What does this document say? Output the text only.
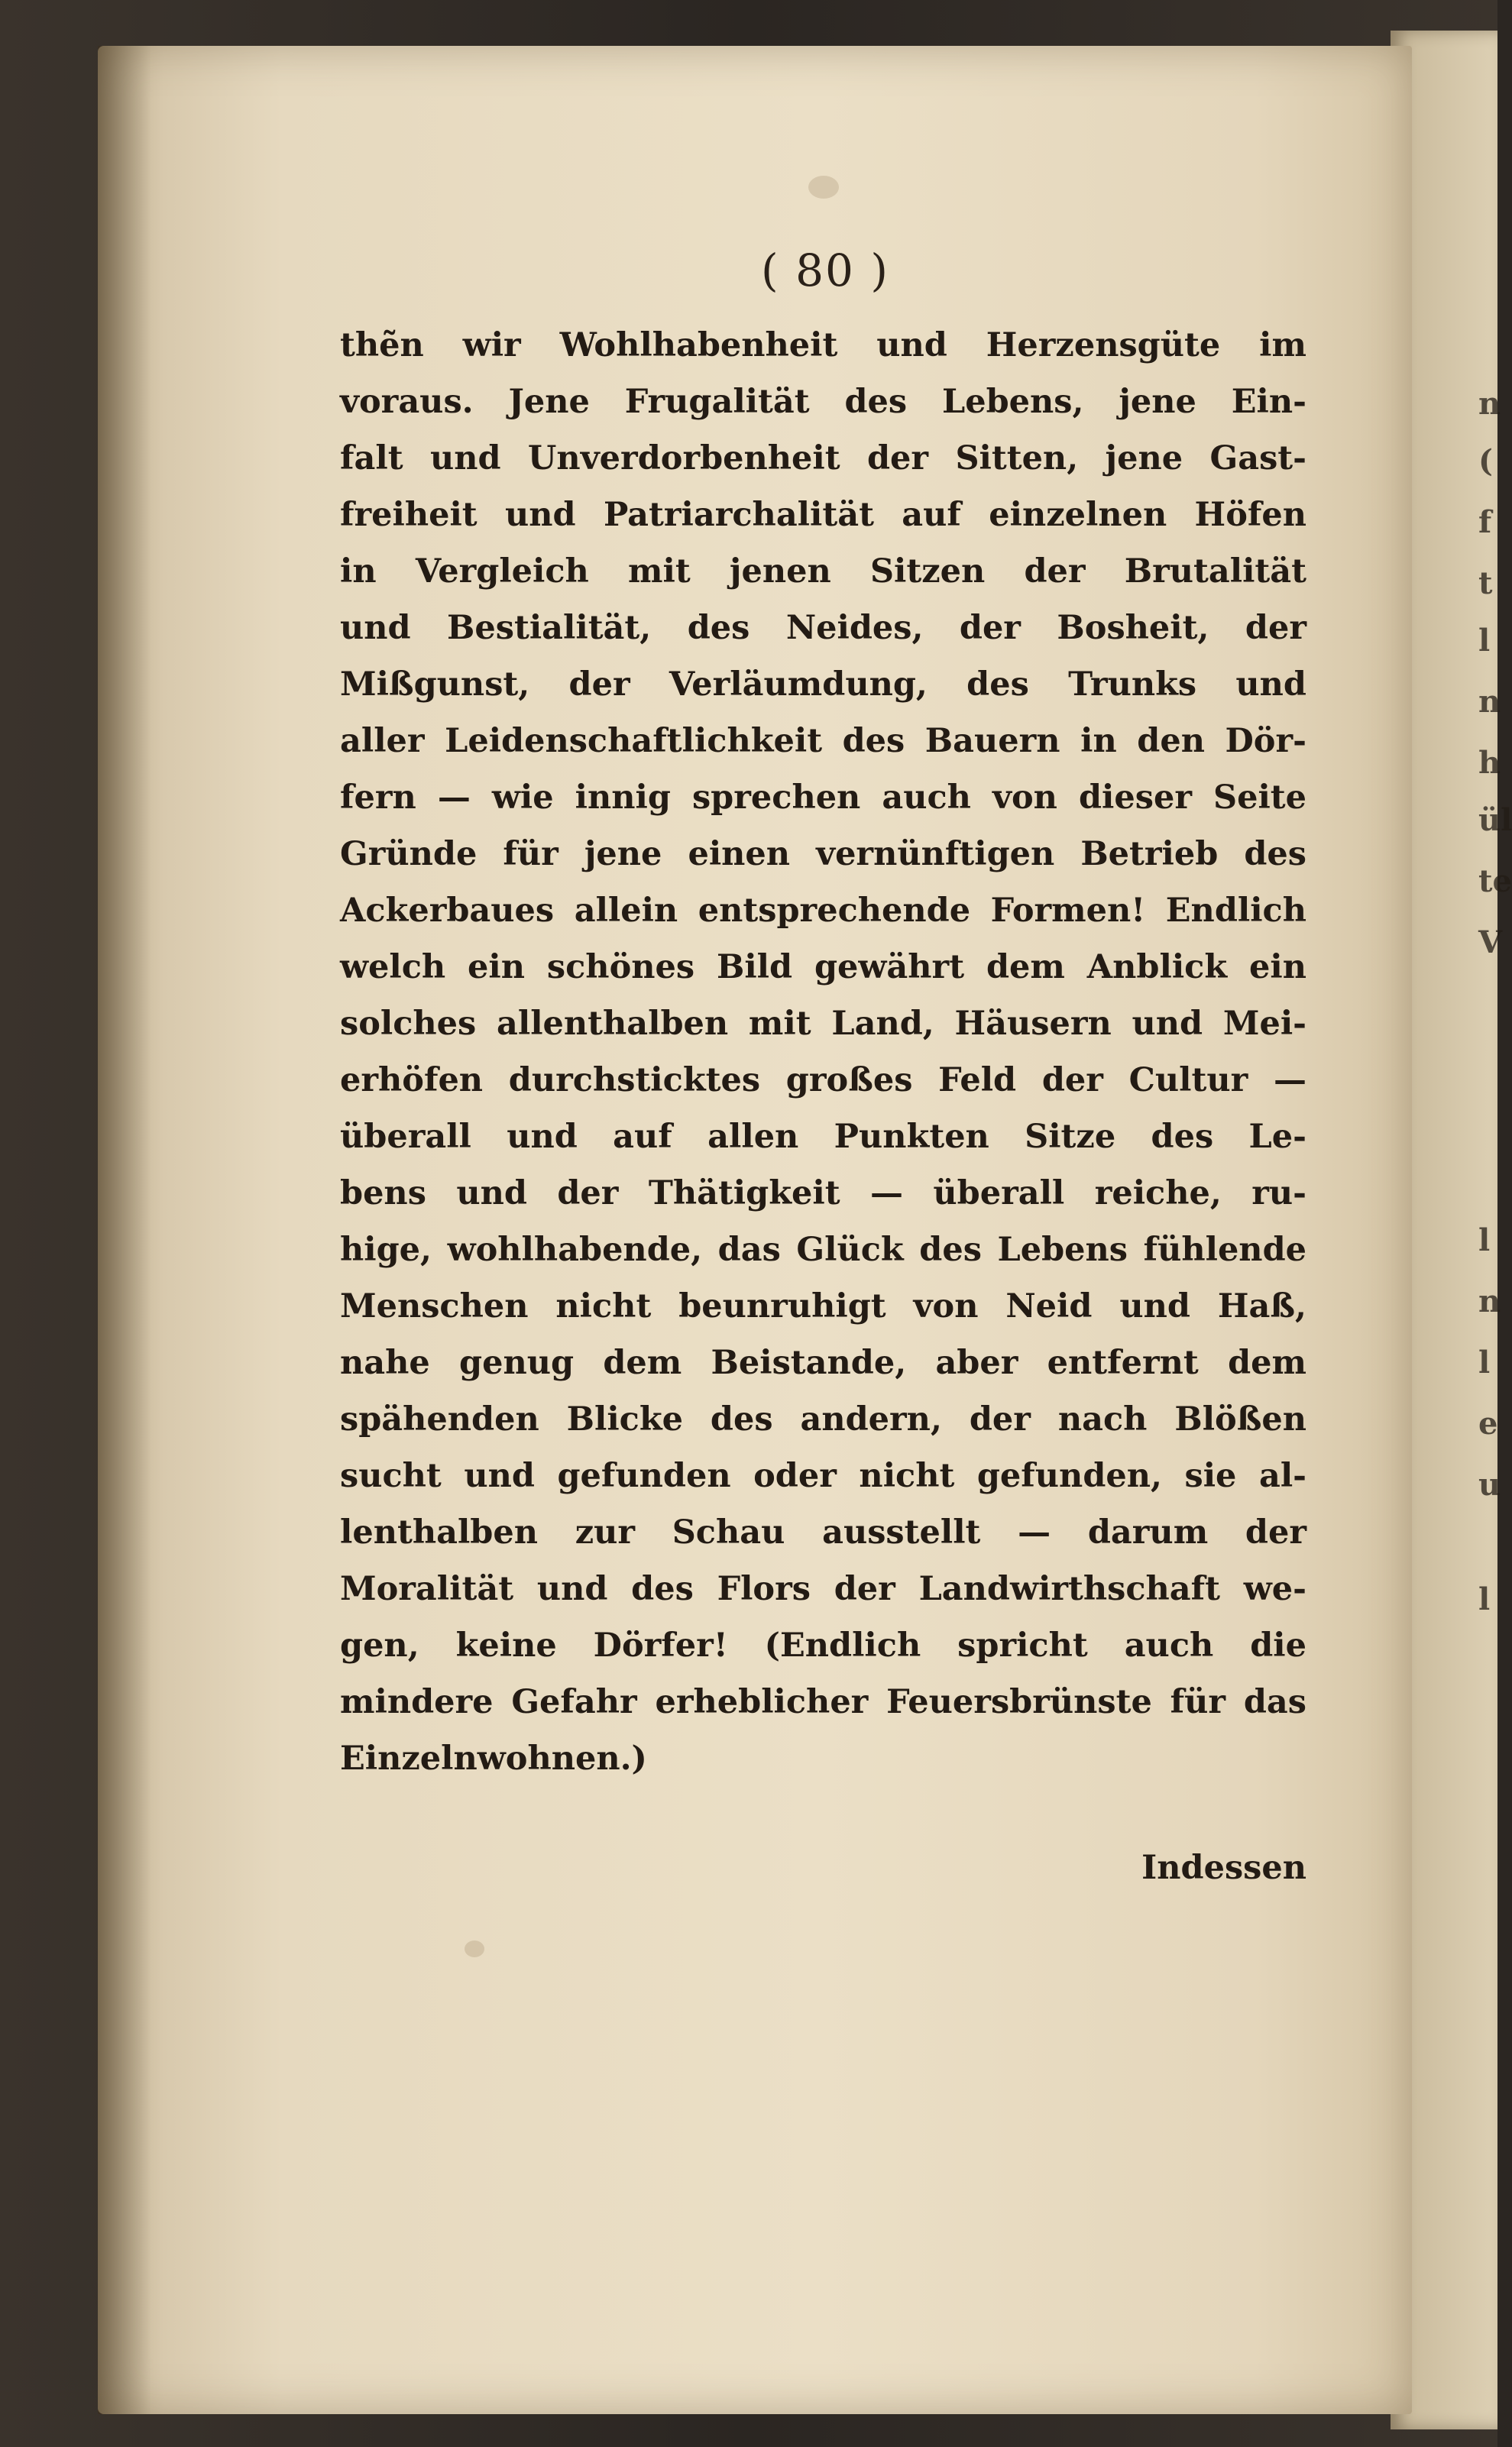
n
(
f
t
l
n
h
ül
te
V
l
n
l
e
u
l
( 80 )
thẽn wir Wohlhabenheit und Herzensgüte im
voraus. Jene Frugalität des Lebens, jene Ein-
falt und Unverdorbenheit der Sitten, jene Gast-
freiheit und Patriarchalität auf einzelnen Höfen
in Vergleich mit jenen Sitzen der Brutalität
und Bestialität, des Neides, der Bosheit, der
Mißgunst, der Verläumdung, des Trunks und
aller Leidenschaftlichkeit des Bauern in den Dör-
fern — wie innig sprechen auch von dieser Seite
Gründe für jene einen vernünftigen Betrieb des
Ackerbaues allein entsprechende Formen! Endlich
welch ein schönes Bild gewährt dem Anblick ein
solches allenthalben mit Land, Häusern und Mei-
erhöfen durchsticktes großes Feld der Cultur —
überall und auf allen Punkten Sitze des Le-
bens und der Thätigkeit — überall reiche, ru-
hige, wohlhabende, das Glück des Lebens fühlende
Menschen nicht beunruhigt von Neid und Haß,
nahe genug dem Beistande, aber entfernt dem
spähenden Blicke des andern, der nach Blößen
sucht und gefunden oder nicht gefunden, sie al-
lenthalben zur Schau ausstellt — darum der
Moralität und des Flors der Landwirthschaft we-
gen, keine Dörfer! (Endlich spricht auch die
mindere Gefahr erheblicher Feuersbrünste für das
Einzelnwohnen.)
Indessen
